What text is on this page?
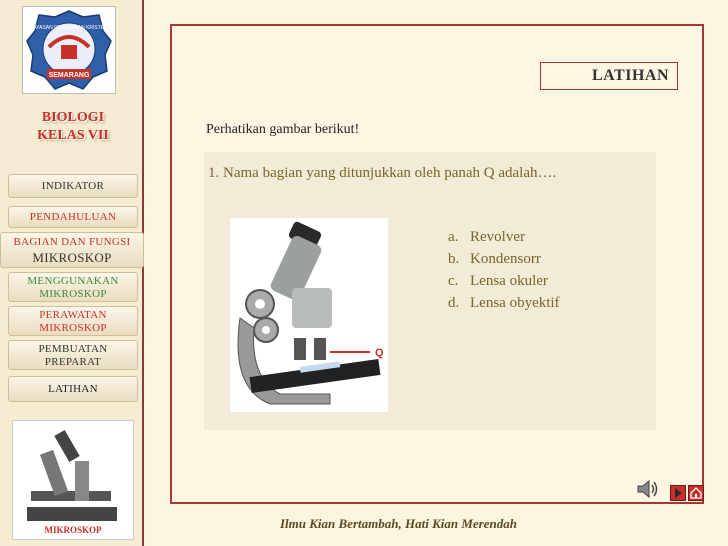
YAYASAN PENDIDIKAN KRISTEN
SEMARANG
BIOLOGI
KELAS VII
INDIKATOR
PENDAHULUAN
BAGIAN DAN FUNGSI
MIKROSKOP
MENGGUNAKAN
MIKROSKOP
PERAWATAN
MIKROSKOP
PEMBUATAN
PREPARAT
LATIHAN
MIKROSKOP
LATIHAN
Perhatikan gambar berikut!
1. Nama bagian yang ditunjukkan oleh panah Q adalah….
Q
a. Revolver
b. Kondensorr
c. Lensa okuler
d. Lensa obyektif
Ilmu Kian Bertambah, Hati Kian Merendah
